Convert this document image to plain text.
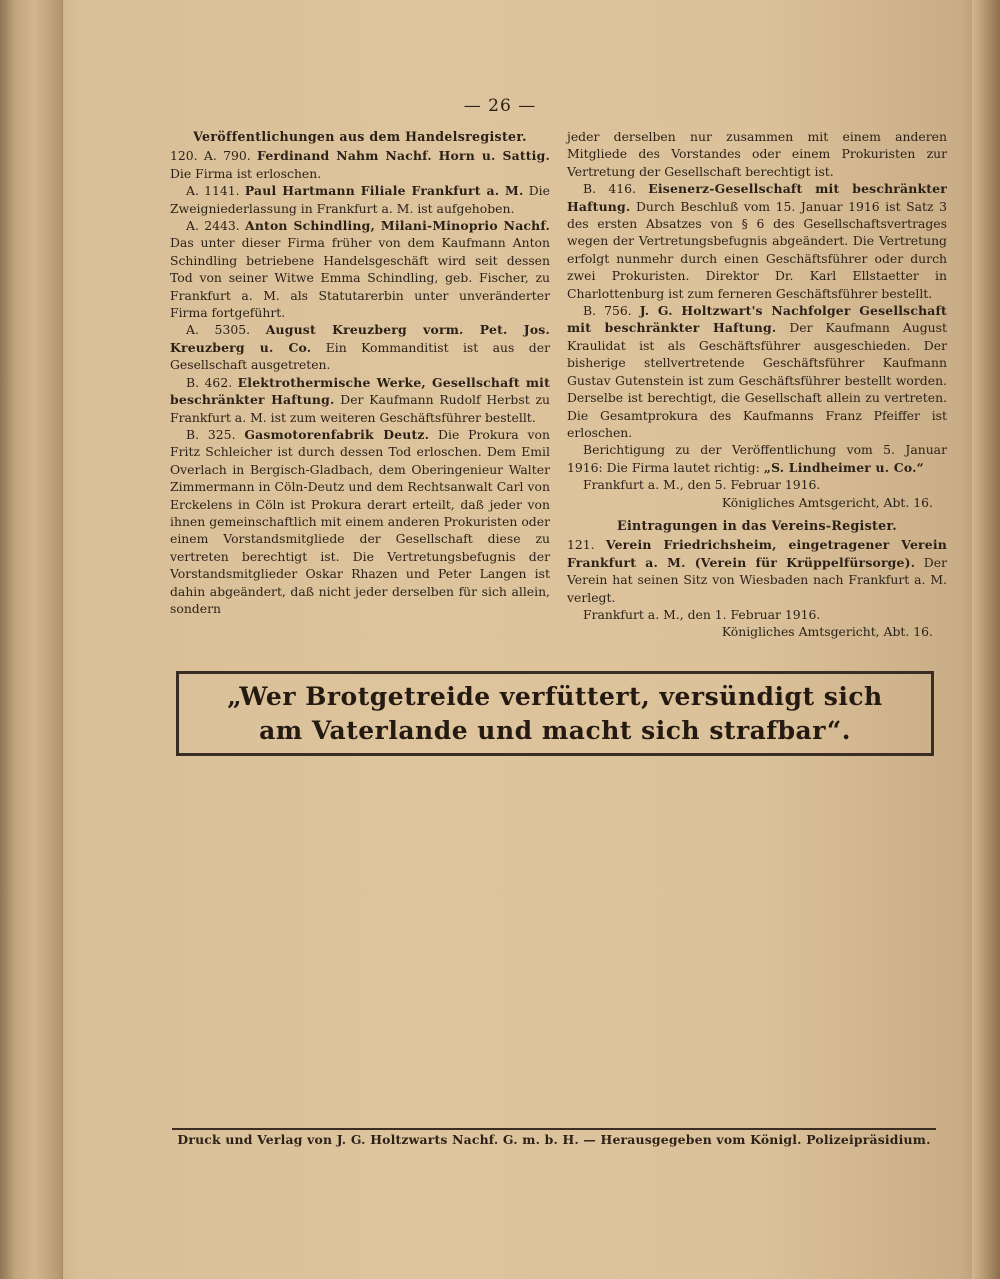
— 26 —

Veröffentlichungen aus dem Handelsregister.

120. A. 790. Ferdinand Nahm Nachf. Horn u. Sattig. Die Firma ist erloschen.

A. 1141. Paul Hartmann Filiale Frankfurt a. M. Die Zweigniederlassung in Frankfurt a. M. ist aufgehoben.

A. 2443. Anton Schindling, Milani-Minoprio Nachf. Das unter dieser Firma früher von dem Kaufmann Anton Schindling betriebene Handelsgeschäft wird seit dessen Tod von seiner Witwe Emma Schindling, geb. Fischer, zu Frankfurt a. M. als Statutarerbin unter unveränderter Firma fortgeführt.

A. 5305. August Kreuzberg vorm. Pet. Jos. Kreuzberg u. Co. Ein Kommanditist ist aus der Gesellschaft ausgetreten.

B. 462. Elektrothermische Werke, Gesellschaft mit beschränkter Haftung. Der Kaufmann Rudolf Herbst zu Frankfurt a. M. ist zum weiteren Geschäftsführer bestellt.

B. 325. Gasmotorenfabrik Deutz. Die Prokura von Fritz Schleicher ist durch dessen Tod erloschen. Dem Emil Overlach in Bergisch-Gladbach, dem Oberingenieur Walter Zimmermann in Cöln-Deutz und dem Rechtsanwalt Carl von Erckelens in Cöln ist Prokura derart erteilt, daß jeder von ihnen gemeinschaftlich mit einem anderen Prokuristen oder einem Vorstandsmitgliede der Gesellschaft diese zu vertreten berechtigt ist. Die Vertretungsbefugnis der Vorstandsmitglieder Oskar Rhazen und Peter Langen ist dahin abgeändert, daß nicht jeder derselben für sich allein, sondern

jeder derselben nur zusammen mit einem anderen Mitgliede des Vorstandes oder einem Prokuristen zur Vertretung der Gesellschaft berechtigt ist.

B. 416. Eisenerz-Gesellschaft mit beschränkter Haftung. Durch Beschluß vom 15. Januar 1916 ist Satz 3 des ersten Absatzes von § 6 des Gesellschaftsvertrages wegen der Vertretungsbefugnis abgeändert. Die Vertretung erfolgt nunmehr durch einen Geschäftsführer oder durch zwei Prokuristen. Direktor Dr. Karl Ellstaetter in Charlottenburg ist zum ferneren Geschäftsführer bestellt.

B. 756. J. G. Holtzwart's Nachfolger Gesellschaft mit beschränkter Haftung. Der Kaufmann August Kraulidat ist als Geschäftsführer ausgeschieden. Der bisherige stellvertretende Geschäftsführer Kaufmann Gustav Gutenstein ist zum Geschäftsführer bestellt worden. Derselbe ist berechtigt, die Gesellschaft allein zu vertreten. Die Gesamtprokura des Kaufmanns Franz Pfeiffer ist erloschen.

Berichtigung zu der Veröffentlichung vom 5. Januar 1916: Die Firma lautet richtig: „S. Lindheimer u. Co.“

Frankfurt a. M., den 5. Februar 1916.

Königliches Amtsgericht, Abt. 16.

Eintragungen in das Vereins-Register.

121. Verein Friedrichsheim, eingetragener Verein Frankfurt a. M. (Verein für Krüppelfürsorge). Der Verein hat seinen Sitz von Wiesbaden nach Frankfurt a. M. verlegt.

Frankfurt a. M., den 1. Februar 1916.

Königliches Amtsgericht, Abt. 16.

„Wer Brotgetreide verfüttert, versündigt sich
am Vaterlande und macht sich strafbar“.
Druck und Verlag von J. G. Holtzwarts Nachf. G. m. b. H. — Herausgegeben vom Königl. Polizeipräsidium.
